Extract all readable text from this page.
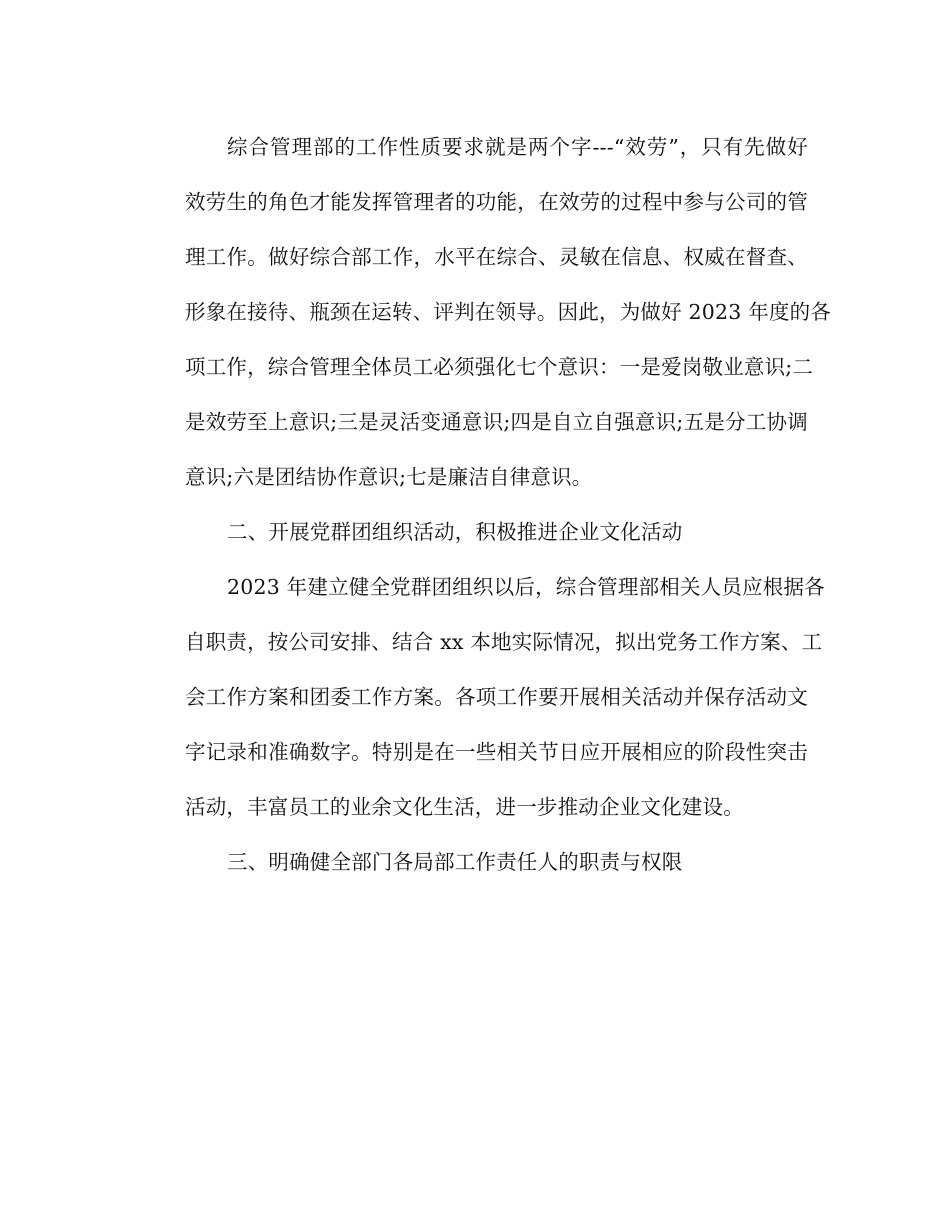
综合管理部的工作性质要求就是两个字---“效劳”，只有先做好
效劳生的角色才能发挥管理者的功能，在效劳的过程中参与公司的管
理工作。做好综合部工作，水平在综合、灵敏在信息、权威在督查、
形象在接待、瓶颈在运转、评判在领导。因此，为做好 2023 年度的各
项工作，综合管理全体员工必须强化七个意识：一是爱岗敬业意识;二
是效劳至上意识;三是灵活变通意识;四是自立自强意识;五是分工协调
意识;六是团结协作意识;七是廉洁自律意识。
二、开展党群团组织活动，积极推进企业文化活动
2023 年建立健全党群团组织以后，综合管理部相关人员应根据各
自职责，按公司安排、结合 xx 本地实际情况，拟出党务工作方案、工
会工作方案和团委工作方案。各项工作要开展相关活动并保存活动文
字记录和准确数字。特别是在一些相关节日应开展相应的阶段性突击
活动，丰富员工的业余文化生活，进一步推动企业文化建设。
三、明确健全部门各局部工作责任人的职责与权限
